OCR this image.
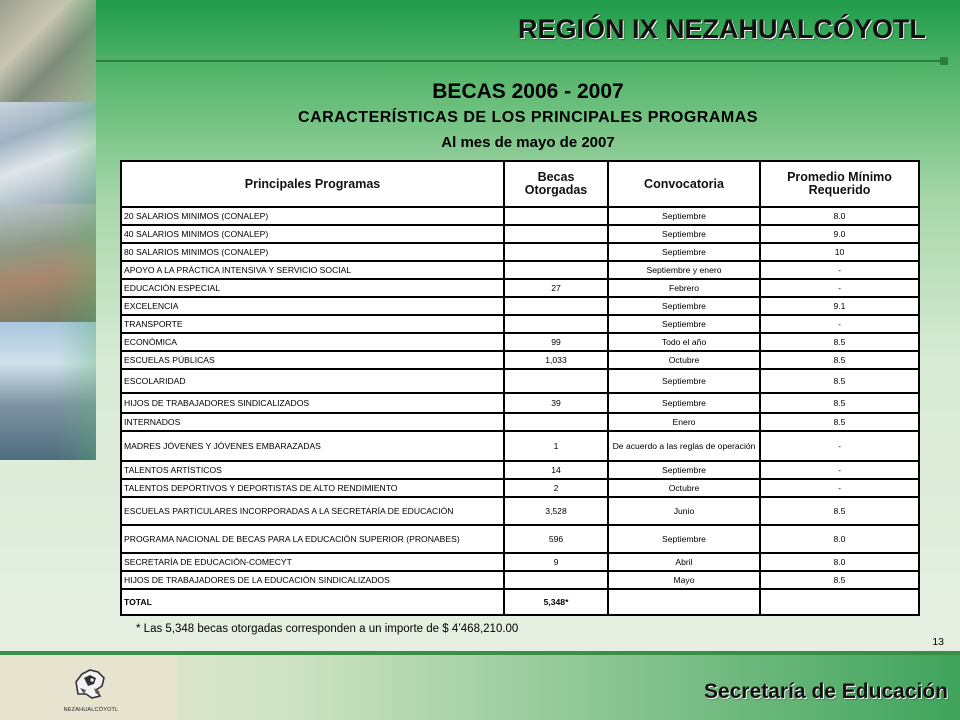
REGIÓN IX NEZAHUALCÓYOTL
BECAS 2006 - 2007
CARACTERÍSTICAS DE LOS PRINCIPALES PROGRAMAS
Al mes de mayo de 2007
Principales Programas	Becas Otorgadas	Convocatoria	Promedio Mínimo Requerido
20 SALARIOS MINIMOS (CONALEP)		Septiembre	8.0
40 SALARIOS MINIMOS (CONALEP)		Septiembre	9.0
80 SALARIOS MINIMOS (CONALEP)		Septiembre	10
APOYO A LA PRÁCTICA INTENSIVA Y SERVICIO SOCIAL		Septiembre y enero	-
EDUCACIÓN ESPECIAL	27	Febrero	-
EXCELENCIA		Septiembre	9.1
TRANSPORTE		Septiembre	-
ECONÓMICA	99	Todo el año	8.5
ESCUELAS PÚBLICAS	1,033	Octubre	8.5
ESCOLARIDAD		Septiembre	8.5
HIJOS DE TRABAJADORES SINDICALIZADOS	39	Septiembre	8.5
INTERNADOS		Enero	8.5
MADRES JÓVENES Y JÓVENES EMBARAZADAS	1	De acuerdo a las reglas de operación	-
TALENTOS ARTÍSTICOS	14	Septiembre	-
TALENTOS DEPORTIVOS Y DEPORTISTAS DE ALTO RENDIMIENTO	2	Octubre	-
ESCUELAS PARTICULARES INCORPORADAS A LA SECRETARÍA DE EDUCACIÓN	3,528	Junio	8.5
PROGRAMA NACIONAL DE BECAS PARA LA EDUCACIÓN SUPERIOR (PRONABES)	596	Septiembre	8.0
SECRETARÍA DE EDUCACIÓN-COMECYT	9	Abril	8.0
HIJOS DE TRABAJADORES DE LA EDUCACIÓN SINDICALIZADOS		Mayo	8.5
TOTAL	5,348*		
* Las 5,348 becas otorgadas corresponden a un importe de $ 4’468,210.00
13
NEZAHUALCÓYOTL
Secretaría de Educación
